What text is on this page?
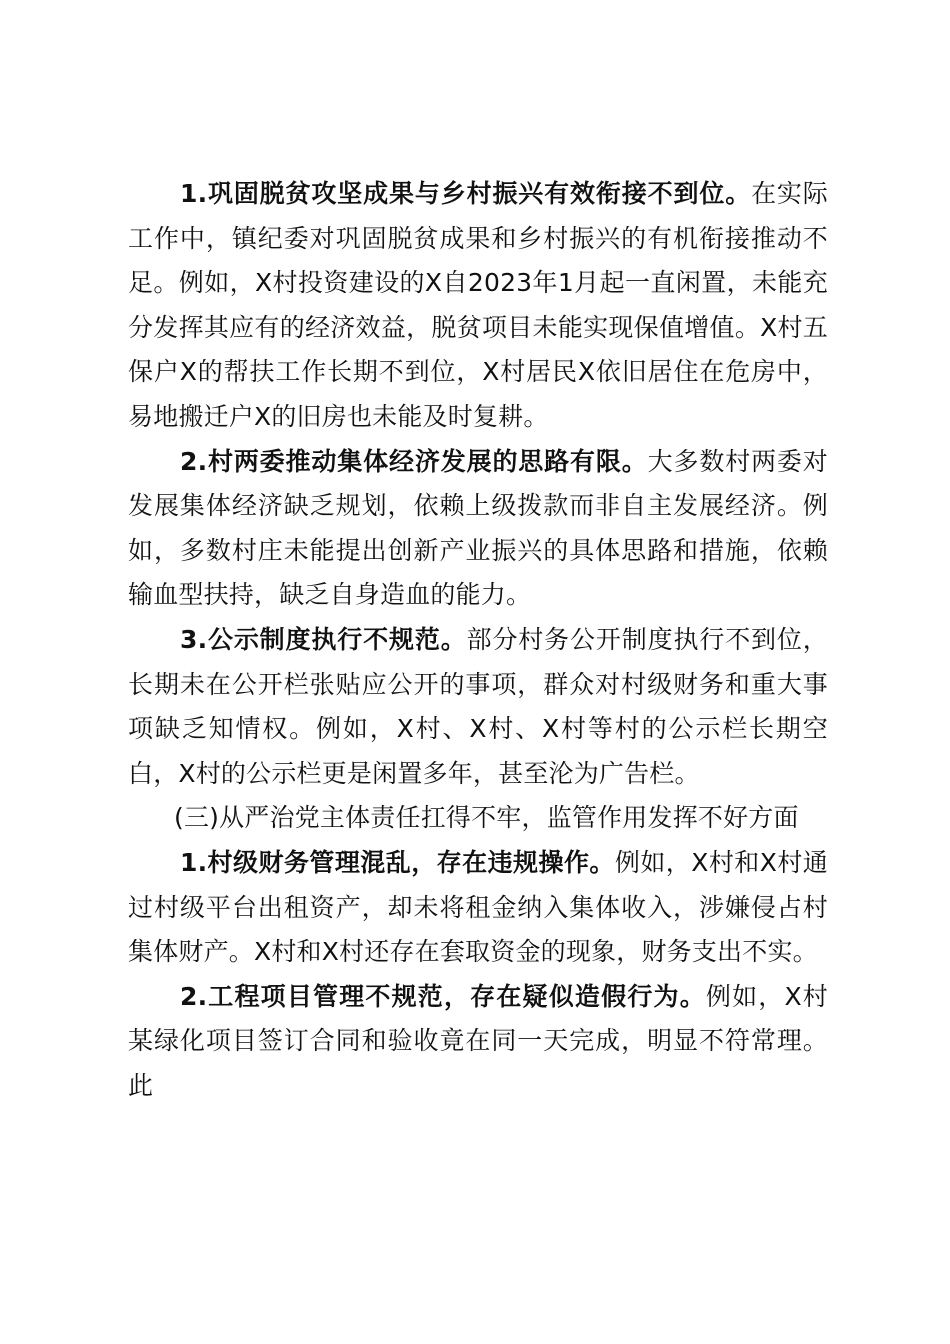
1.巩固脱贫攻坚成果与乡村振兴有效衔接不到位。在实际工作中，镇纪委对巩固脱贫成果和乡村振兴的有机衔接推动不足。例如，X村投资建设的X自2023年1月起一直闲置，未能充分发挥其应有的经济效益，脱贫项目未能实现保值增值。X村五保户X的帮扶工作长期不到位，X村居民X依旧居住在危房中，易地搬迁户X的旧房也未能及时复耕。

2.村两委推动集体经济发展的思路有限。大多数村两委对发展集体经济缺乏规划，依赖上级拨款而非自主发展经济。例如，多数村庄未能提出创新产业振兴的具体思路和措施，依赖输血型扶持，缺乏自身造血的能力。

3.公示制度执行不规范。部分村务公开制度执行不到位，长期未在公开栏张贴应公开的事项，群众对村级财务和重大事项缺乏知情权。例如，X村、X村、X村等村的公示栏长期空白，X村的公示栏更是闲置多年，甚至沦为广告栏。

(三)从严治党主体责任扛得不牢，监管作用发挥不好方面

1.村级财务管理混乱，存在违规操作。例如，X村和X村通过村级平台出租资产，却未将租金纳入集体收入，涉嫌侵占村集体财产。X村和X村还存在套取资金的现象，财务支出不实。

2.工程项目管理不规范，存在疑似造假行为。例如，X村某绿化项目签订合同和验收竟在同一天完成，明显不符常理。此
